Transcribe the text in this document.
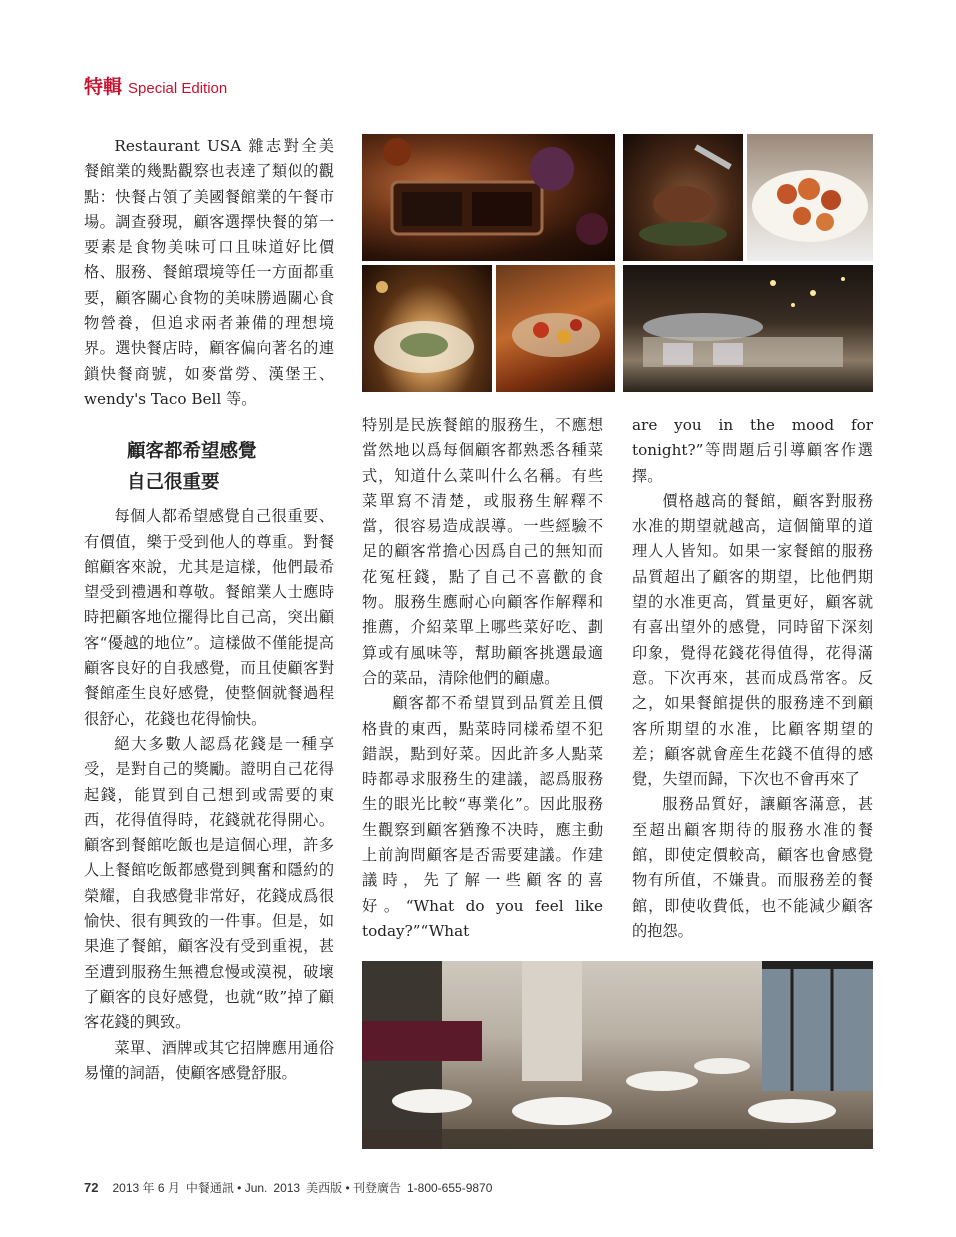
特輯 Special Edition

Restaurant USA 雜志對全美餐館業的幾點觀察也表達了類似的觀點：快餐占領了美國餐館業的午餐市場。調查發現，顧客選擇快餐的第一要素是食物美味可口且味道好比價格、服務、餐館環境等任一方面都重要，顧客關心食物的美味勝過關心食物營養，但追求兩者兼備的理想境界。選快餐店時，顧客偏向著名的連鎖快餐商號，如麥當勞、漢堡王、wendy's Taco Bell 等。

顧客都希望感覺
自己很重要

每個人都希望感覺自己很重要、有價值，樂于受到他人的尊重。對餐館顧客來說，尤其是這樣，他們最希望受到禮遇和尊敬。餐館業人士應時時把顧客地位擺得比自己高，突出顧客“優越的地位”。這樣做不僅能提高顧客良好的自我感覺，而且使顧客對餐館產生良好感覺，使整個就餐過程很舒心，花錢也花得愉快。

絕大多數人認爲花錢是一種享受，是對自己的獎勵。證明自己花得起錢，能買到自己想到或需要的東西，花得值得時，花錢就花得開心。顧客到餐館吃飯也是這個心理，許多人上餐館吃飯都感覺到興奮和隱約的榮耀，自我感覺非常好，花錢成爲很愉快、很有興致的一件事。但是，如果進了餐館，顧客没有受到重視，甚至遭到服務生無禮怠慢或漠視，破壞了顧客的良好感覺，也就“敗”掉了顧客花錢的興致。

菜單、酒牌或其它招牌應用通俗易懂的詞語，使顧客感覺舒服。

特别是民族餐館的服務生，不應想當然地以爲每個顧客都熟悉各種菜式，知道什么菜叫什么名稱。有些菜單寫不清楚，或服務生解釋不當，很容易造成誤導。一些經驗不足的顧客常擔心因爲自己的無知而花冤枉錢，點了自己不喜歡的食物。服務生應耐心向顧客作解釋和推薦，介紹菜單上哪些菜好吃、劃算或有風味等，幫助顧客挑選最適合的菜品，清除他們的顧慮。

顧客都不希望買到品質差且價格貴的東西，點菜時同樣希望不犯錯誤，點到好菜。因此許多人點菜時都尋求服務生的建議，認爲服務生的眼光比較“專業化”。因此服務生觀察到顧客猶豫不决時，應主動上前詢問顧客是否需要建議。作建議時，先了解一些顧客的喜好。“What do you feel like today?”“What

are you in the mood for tonight?”等問題后引導顧客作選擇。

價格越高的餐館，顧客對服務水准的期望就越高，這個簡單的道理人人皆知。如果一家餐館的服務品質超出了顧客的期望，比他們期望的水准更高，質量更好，顧客就有喜出望外的感覺，同時留下深刻印象，覺得花錢花得值得，花得滿意。下次再來，甚而成爲常客。反之，如果餐館提供的服務達不到顧客所期望的水准，比顧客期望的差；顧客就會産生花錢不值得的感覺，失望而歸，下次也不會再來了

服務品質好，讓顧客滿意，甚至超出顧客期待的服務水准的餐館，即使定價較高，顧客也會感覺物有所值，不嫌貴。而服務差的餐館，即使收費低，也不能減少顧客的抱怨。

72 2013 年 6 月 中餐通訊 • Jun. 2013 美西版 • 刊登廣告 1-800-655-9870
